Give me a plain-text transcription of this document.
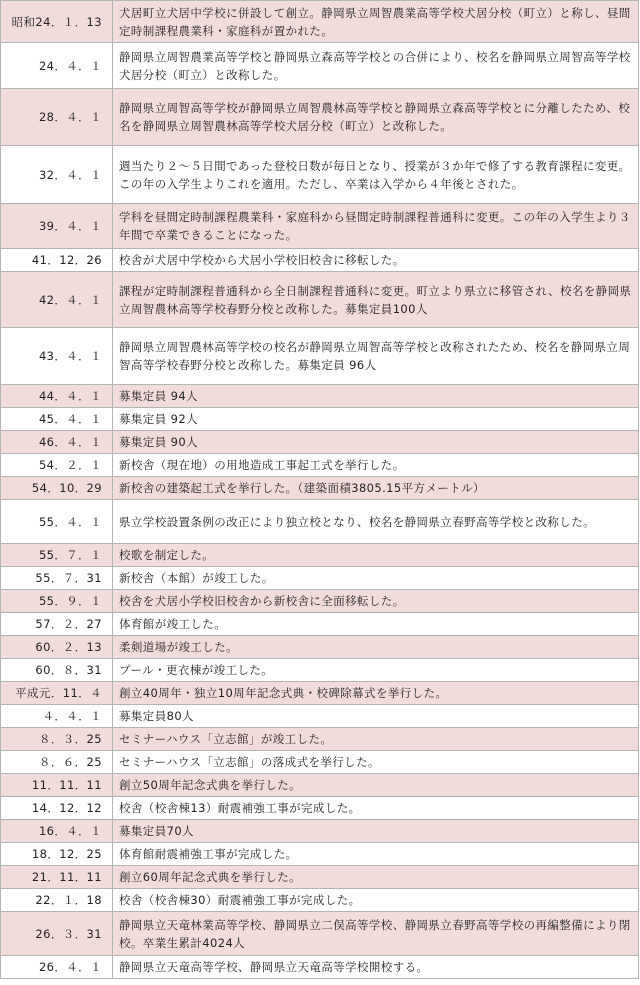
昭和24．１．13	犬居町立犬居中学校に併設して創立。静岡県立周智農業高等学校犬居分校（町立）と称し、昼間定時制課程農業科・家庭科が置かれた。
24．４．１	静岡県立周智農業高等学校と静岡県立森高等学校との合併により、校名を静岡県立周智高等学校犬居分校（町立）と改称した。
28．４．１	静岡県立周智高等学校が静岡県立周智農林高等学校と静岡県立森高等学校とに分離したため、校名を静岡県立周智農林高等学校犬居分校（町立）と改称した。
32．４．１	週当たり２～５日間であった登校日数が毎日となり、授業が３か年で修了する教育課程に変更。この年の入学生よりこれを適用。ただし、卒業は入学から４年後とされた。
39．４．１	学科を昼間定時制課程農業科・家庭科から昼間定時制課程普通科に変更。この年の入学生より３年間で卒業できることになった。
41．12．26	校舎が犬居中学校から犬居小学校旧校舎に移転した。
42．４．１	課程が定時制課程普通科から全日制課程普通科に変更。町立より県立に移管され、校名を静岡県立周智農林高等学校春野分校と改称した。募集定員100人
43．４．１	静岡県立周智農林高等学校の校名が静岡県立周智高等学校と改称されたため、校名を静岡県立周智高等学校春野分校と改称した。募集定員 96人
44．４．１	募集定員 94人
45．４．１	募集定員 92人
46．４．１	募集定員 90人
54．２．１	新校舎（現在地）の用地造成工事起工式を挙行した。
54．10．29	新校舎の建築起工式を挙行した。（建築面積3805.15平方メートル）
55．４．１	県立学校設置条例の改正により独立校となり、校名を静岡県立春野高等学校と改称した。
55．７．１	校歌を制定した。
55．７．31	新校舎（本館）が竣工した。
55．９．１	校舎を犬居小学校旧校舎から新校舎に全面移転した。
57．２．27	体育館が竣工した。
60．２．13	柔剣道場が竣工した。
60．８．31	プール・更衣棟が竣工した。
平成元．11．４	創立40周年・独立10周年記念式典・校碑除幕式を挙行した。
４．４．１	募集定員80人
８．３．25	セミナーハウス「立志館」が竣工した。
８．６．25	セミナーハウス「立志館」の落成式を挙行した。
11．11．11	創立50周年記念式典を挙行した。
14．12．12	校舎（校舎棟13）耐震補強工事が完成した。
16．４．１	募集定員70人
18．12．25	体育館耐震補強工事が完成した。
21．11．11	創立60周年記念式典を挙行した。
22．１．18	校舎（校舎棟30）耐震補強工事が完成した。
26．３．31	静岡県立天竜林業高等学校、静岡県立二俣高等学校、静岡県立春野高等学校の再編整備により閉校。卒業生累計4024人
26．４．１	静岡県立天竜高等学校、静岡県立天竜高等学校開校する。
